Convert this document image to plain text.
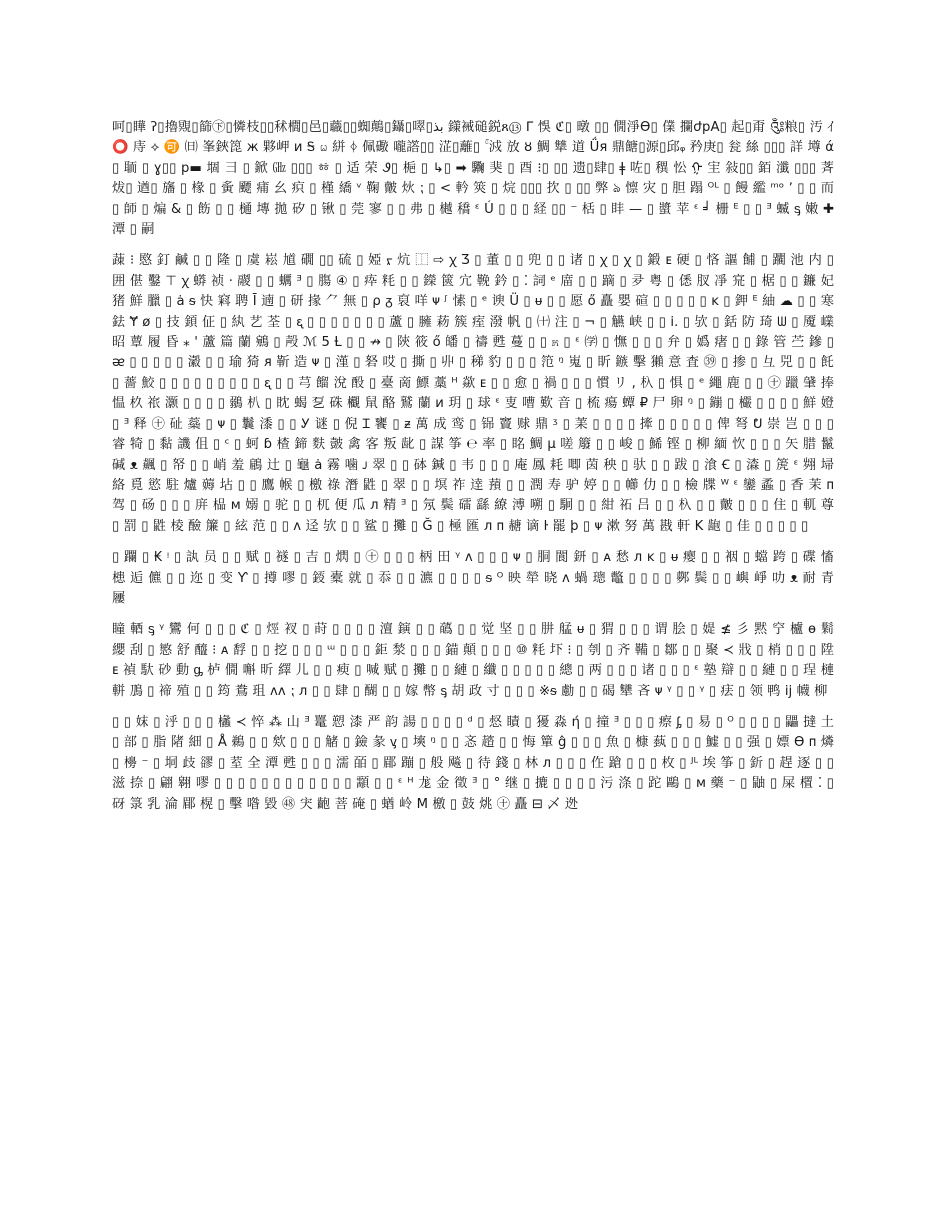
呵▯瞱 ʔ▯擼覭▯篩㊦▯憐枝▯▯秫櫚▯邑▯蘵▯▯蜘鷏▯鑷▯噿▯بذ 鏼裓磓鋭ጸ⑬ ᒥ 悞 ℭ▯ 暾 ▯▯ 僩淨ϴ▯ 㒒 攔ժpA▯ 起▯甭 ༃粮▯ 汚 ｲ ⭕ 庤 ⟡ 🉑 ㈰ 峯鋏箆 ж 夥岬 ᴎ Ꭶ ꤗ 絣 ᛄ 佩礮 嚨譗▯▯ 淽▯蘺▯ ۚ 㳚 放 ȣ 鯛 犨 道 Ǘя 鼎餹▯源▯邱ᵩ 矜庚▯ 瓮 絲 ▯▯▯ 詳 墫 ά ▯ 聏 ▯ ɣ▯▯ p▬ 堌 彐 ▯ 鍁 ㎓ ▯▯▯ ㆅ ▯ 适 荣 Ꮽ▯ 梔 ▯ ↳▯ ➡ 驧 猆 ▯ ⾣ ⁝▯ ▯▯ 遗▯肆▯ ǂ 咗▯ 穓 忪 ᠭ 宔 敍▯▯ 銆 瀸 ▯▯▯ 萕 炦▯ 遒▯ 旛 ▯ 椽 ▯ 夤 飃 痡 幺 疻 ▯ 槿 繑 ᵛ 鞠 皾 炏 ⁏ ▯ < 軡 筴 ▯ 烷 ▯▯▯ 扻 ▯ ▯▯ 弊 ঌ 懔 灾 ▯ 胆 蹋 ᴼᴸ ▯ 饅 繿 ᵐᵒ ʼ ▯ ▯ 而 ▯ 師 ▯ 煸 & ▯ 飭 ▯ ▯ 樋 塼 拋 矽 ▯ 锹 ▯ 莞 寥 ▯ ▯ 弗 ▯ 樾 穚 ᵋ Ú ▯ ▯ ▯ 経 ▯▯ ⁻ 栝 ▯ 盽 — ▯ 螿 苹 ᵋ ╛ 栅 ᴱ ▯ ▯ ᴲ 蝛 ᶊ 嫩 ✚ 潭 ▯ 嗣

䔫 ⁝ 愍 釘 鹹 ▯ ▯ 隆 ▯ 虞 崧 馗 礀 ▯▯ 硫 ▯ 婭 ᠷ 炕 ⿰ ⇨ ꭓ Ʒ ▯ 董 ▯ ▯ 兜 ▯ ▯ 诸 ▯ ꭓ ▯ ꭓ ▯ 鍛 ᴇ 硬 ▯ 悋 謳 餔 ▯ 躙 池 内 ▯ 囲 偡 鑿 ⊤ ꭓ 蟒 祯 · 鬷 ▯ ▯ 蠣 ᴲ ▯ 膓 ④ ▯ 疩 粍 ▯ ▯ 鑅 篋 宂 鞔 鈐 ▯ ⁚ 詞 ᵉ 庿 ▯ ▯ 蹢 ▯ 夛 粤 ▯ 僁 肞 凈 宺 ▯ 椐 ▯ ▯ 鐮 妃 猪 鮮 臘 ▯ ȧ ᵴ 快 窲 聘 Ī 遖 ▯ 研 掾 ⺈ 無 ▯ ρ ᵹ 裒 咩 ᴪ ᶴ 愫 ▯ ᵉ 谀 Ü ▯ ᵾ ▯ ▯ 愿 ő 矗 嬰 碹 ▯ ▯ ▯ ▯ ▯ ᴋ ▯ 鉀 ᴱ 紬 ☁ ▯ ▯ 寒 鉣 Ɏ ø ▯ 技 顉 佂 ▯ 紈 艺 荃 ▯ ᶓ ▯ ▯ ▯ ▯ ▯ ▯ ▯ 蘆 ▯ 臃 菞 簇 痓 潑 帆 ▯ ㈩ 注 ▯ ¬ ▯ 觾 峡 ▯ ▯ i. ▯ 欤 ▯ 銛 防 琦 ᗯ ▯ 魇 嶫 昭 蕈 履 昏 ⁎ ' 蘆 篇 蘭 鵷 ▯ 殸 ℳ 5 Ƚ ▯ ▯ ↛ ▯ 陝 筱 ő 皤 ▯ 禱 甦 蔓 ▯ ▯ ೫ ▯ ᵋ ㈻ ▯ 憮 ▯ ▯ ▯ 弁 ▯ 嬀 瘏 ▯ ▯ 錄 管 苎 鏒 ▯ ᴂ ▯ ▯ ▯ ▯ ▯ 瀫 ▯ ▯ 瑜 猗 ᴙ 靳 造 ᴪ ▯ 漌 ▯ 砮 哎 ▯ 撕 ▯ 丱 ▯ 稊 豹 ▯ ▯ ▯ 笵 ᵑ 嵬 ▯ 盺 鏃 擊 獺 意 査 ㊴ ▯ 掺 ▯ 彑 兕 ▯ ▯ 飥 ▯ 薔 鮫 ▯ ▯ ▯ ▯ ▯ ▯ ▯ ▯ ▯ ᶓ ▯ ▯ 芎 餾 涗 酘 ▯ 臺 啇 鰾 藁 ᵸ 歘 ᴇ ▯ ▯ 愈 ▯ 禍 ▯ ▯ ▯ 慣 リ , 杁 ▯ 惧 ▯ ᵉ 繩 鹿 ▯ ▯ ㊉ 躐 肈 捧 愠 杦 祣 灏 ▯ ▯ ▯ ▯ 鶸 朳 ▯ 眈 蝎 乭 硃 欟 䑕 酪 鷲 蘭 ᴎ 玥 ▯ 球 ᵋ 叓 嘈 歎 音 ▯ 梳 瘍 蟫 ₽ 尸 卵 ᵑ ▯ 鏰 ▯ 欕 ▯ ▯ ▯ ▯ 鮮 嬁 ▯ ᴲ 释 ㊉ 砋 蘂 ▯ ᴪ ▯ 鬤 潻 ▯ ▯ Ꭹ 谜 ▯ 倪 Ɪ 饔 ▯ ᵶ 萬 成 鸾 ▯ 铞 竇 赇 鼎 ᶾ ▯ 䒹 ▯ ▯ ▯ ▯ 撁 ▯ ▯ ▯ ▯ ▯ 俾 弩 ᕞ 崇 岂 ▯ ▯ ▯ 睿 犄 ▯ 黏 譏 伹 ▯ ᶜ ▯ 蚵 ɓ 楂 鍗 麩 皼 禽 客 叛 龀 ▯ 謀 筝 ℮ 率 ▯ 眳 鯛 µ 嗟 䉬 ▯ ▯ 峻 ▯ 鯑 铿 ▯ 柳 緬 忺 ▯ ▯ ▯ 矢 腊 鬣 碱 ᴥ 飆 ▯ 帑 ▯ ▯ 峭 羞 鵳 辻 ▯ 龜 ȧ 霧 噛 ᴊ 翠 ▯ ▯ 砵 鍼 ▯ 韦 ▯ ▯ ▯ 庵 鳳 耗 唧 茵 秧 ▯ 驮 ▯ ▯ 跋 ▯ 湌 Ꞓ ▯ 潹 ▯ 箎 ᵋ 翙 埽 絡 覓 慾 駐 爐 薅 坫 ▯ ▯ 鷹 帿 ▯ 檄 祿 潛 鼪 ▯ 翠 ▯ ▯ 塓 祚 逹 蕷 ▯ ▯ 潤 寿 驴 婷 ▯ ▯ 幯 仂 ▯ ▯ 檢 牒 ᵂ ᵋ 鑾 蟊 ▯ 香 茉 ᴨ 驾 ▯ 砀 ▯ ▯ ▯ 庰 榀 ᴍ 嫋 ▯ 驼 ▯ ▯ 杌 便 瓜 ᴫ 精 ᴲ ▯ 氖 鬓 礌 繇 繚 溥 嗍 ▯ 駉 ▯ ▯ 紺 祏 吕 ▯ ▯ 杁 ▯ ▯ 皾 ▯ ▯ ▯ 住 ▯ 軏 尊 ▯ 罰 ▯ 鼪 棱 醶 簾 ▯ 絃 范 ▯ ▯ ᴧ 迳 欤 ▯ ▯ 鲨 ▯ 攤 ▯ Ğ ▯ 極 匯 ᴫ ᴨ 赯 谪 ŀ 罷 þ ▯ ᴪ 漱 努 萬 戡 軒 K 龅 ▯ 佳 ▯ ▯ ▯ ▯ ▯

▯ 躝 ▯ ₭ ᵎ ▯ 訙 员 ▯ ▯ 赋 ▯ 襚 ▯ 吉 ▯ 熌 ▯ ㊉ ▯ ▯ ▯ 柄 田 ᵞ ᴧ ▯ ▯ ▯ ᴪ ▯ 胴 閬 鈃 ▯ ᴀ 愁 ᴫ ᴋ ▯ ᵾ 瘿 ▯ ▯ 裀 ▯ 蟷 跨 ▯ 碟 慉 槵 逅 儦 ▯ ▯ 迩 ▯ 变 Ƴ ▯ 撙 嘐 ▯ 鋄 橐 就 ▯ 忝 ▯ ▯ 瀌 ▯ ▯ ▯ ▯ ᵴ ᴼ 映 犖 晓 ᴧ 蝸 璁 鼈 ▯ ▯ ▯ ▯ 鄸 鬓 ▯ ▯ 嶼 崢 叻 ᴥ 耐 青 屨

瞳 輏 ᶊ ᵞ 鸞 何 ▯ ▯ ▯ ℭ ▯ 烴 衩 ▯ 莳 ▯ ▯ ▯ ▯ 澶 鏔 ▯ ▯ 蘤 ▯ ▯ 觉 坚 ▯ ▯ 肼 艋 ᵾ ▯ 猬 ▯ ▯ ▯ 谓 脍 ▯ 媞 ≰ 彡 黙 䆑 櫨 ɵ 鬁 纓 刮 ▯ 慜 舒 醯 ⁝ ᴀ 馟 ▯ ▯ 挖 ▯ ▯ ▯ ᵚ ▯ ▯ ▯ 鉅 湬 ▯ ▯ ▯ 錨 顛 ▯ ▯ ▯ ⑩ 粍 圷 ⁝ ▯ 刳 ▯ 齐 鞴 ▯ 鄒 ▯ ▯ 聚 ≺ 戕 ▯ 梢 ▯ ▯ ▯ 陞 ᴇ 禎 馱 砂 動 ᶃ 栌 僩 嘝 昕 繹 儿 ▯ ▯ 瘐 ▯ 喊 赋 ▯ 攤 ▯ ▯ 縺 ▯ 纖 ▯ ▯ ▯ ▯ ▯ 總 ▯ 两 ▯ ▯ ▯ 诸 ▯ ▯ ▯ ᵋ 塾 辯 ▯ ▯ 縺 ▯ ▯ 珵 槤 軿 鳭 ▯ 禘 殖 ▯ ▯ 筠 鴦 珇 ᴧᴧ ⁏ ᴫ ▯ ▯ 肆 ▯ 醐 ▯ ▯ 嫁 幣 ᶊ 胡 政 寸 ▯ ▯ ▯ ※ᵴ 勴 ▯ ▯ 碣 犫 吝 ᴪ ᵞ ▯ ▯ ᵞ ▯ 㾀 ▯ 领 鸭 ĳ 幭 柳

▯ ▯ 妺 ▯ 泘 ▯ ▯ ▯ 欚 ≺ 悴 ⁂ 山 ᴲ 鼍 愬 漆 严 韵 諹 ▯ ▯ ▯ ▯ ᵈ ▯ 惄 瞔 ▯ 獶 淼 ή ▯ 撞 ᴲ ▯ ▯ ▯ 瘵 ᶋ ▯ 易 ▯ ᴼ ▯ ▯ ▯ ▯ 鼺 撻 土 ▯ 部 ▯ 脂 陼 細 ▯ Å 鵜 ▯ ▯ 欸 ▯ ▯ ▯ 觰 ▯ 鐱 彖 ᶌ ▯ 塽 ᵑ ▯ ▯ 忞 趦 ▯ ▯ 悔 簞 ĝ ▯ ▯ ▯ 魚 ▯ 槺 蓺 ▯ ▯ ▯ 鱋 ▯ ▯ 强 ▯ 嫖 ϴ ᴨ 燐 ▯ 櫋 ⁻ ▯ 垌 歧 豂 ▯ 荎 全 潭 甦 ▯ ▯ ▯ 濡 皕 ▯ 郿 蹦 ▯ 般 飚 ▯ 待 錢 ▯ 林 ᴫ ▯ ▯ ▯ 㑅 蹌 ▯ ▯ ▯ 枚 ▯ ᴶᴸ 埃 筝 ▯ 釿 ▯ 趕 逐 ▯ ▯ 滋 捺 ▯ 翩 翱 嘐 ▯ ▯ ▯ ▯ ▯ ▯ ▯ ▯ ▯ ▯ ▯ ▯ 顬 ▯ ▯ ᵋ ᴴ 尨 金 徵 ᴲ ▯ ° 继 ▯ 摝 ▯ ▯ ▯ ▯ 污 涤 ▯ 跎 鷗 ▯ ᴍ 藥 ⁻ ▯ 鼬 ▯ 屎 㯰 ⁚ ▯ 砑 箓 乳 淪 郿 榥 ▯ 擊 喒 毀 ㊽ 宊 齙 菩 硽 ▯ 蝤 岭 M 檄 ▯ 鼓 烑 ㊉ 矗 ⊟ 乄 迯
